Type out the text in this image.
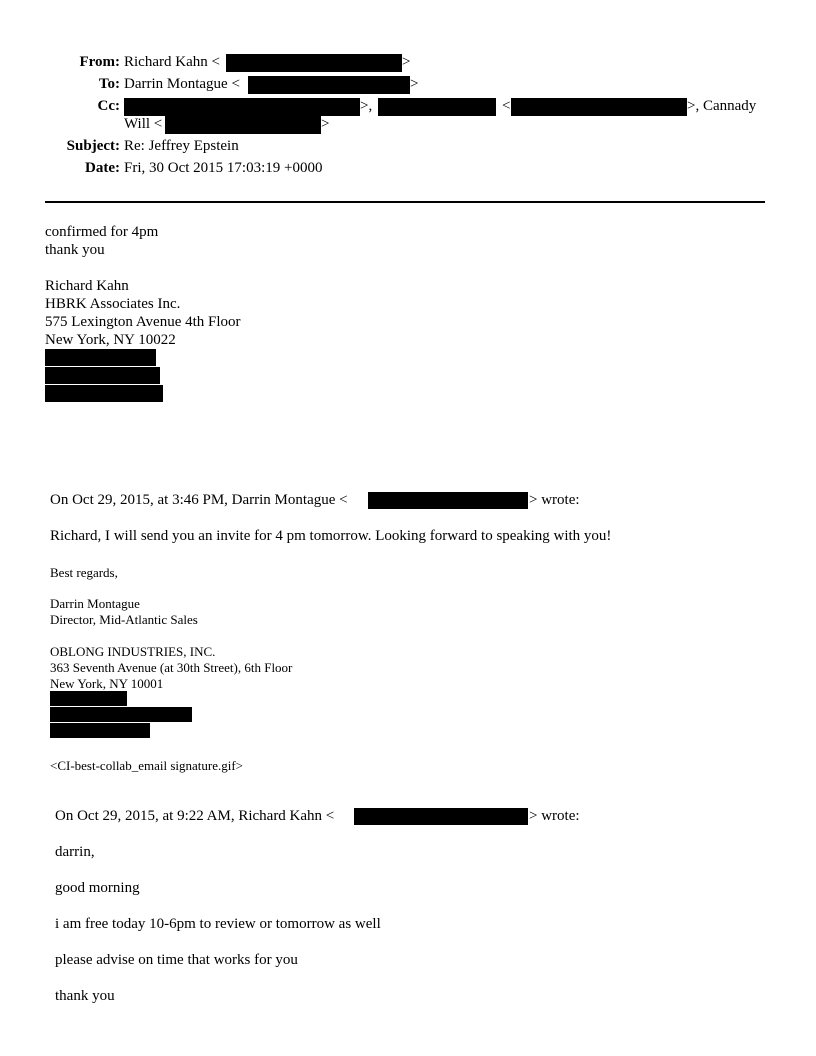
From: Richard Kahn <	>
To: Darrin Montague <	>
Cc:	>,	<	>, Cannady
Will <	>
Subject: Re: Jeffrey Epstein
Date: Fri, 30 Oct 2015 17:03:19 +0000
confirmed for 4pm
thank you
Richard Kahn
HBRK Associates Inc.
575 Lexington Avenue 4th Floor
New York, NY 10022
On Oct 29, 2015, at 3:46 PM, Darrin Montague <	> wrote:
Richard, I will send you an invite for 4 pm tomorrow. Looking forward to speaking with you!
Best regards,
Darrin Montague
Director, Mid-Atlantic Sales
OBLONG INDUSTRIES, INC.
363 Seventh Avenue (at 30th Street), 6th Floor
New York, NY 10001
<CI-best-collab_email signature.gif>
On Oct 29, 2015, at 9:22 AM, Richard Kahn <	> wrote:
darrin,
good morning
i am free today 10-6pm to review or tomorrow as well
please advise on time that works for you
thank you
